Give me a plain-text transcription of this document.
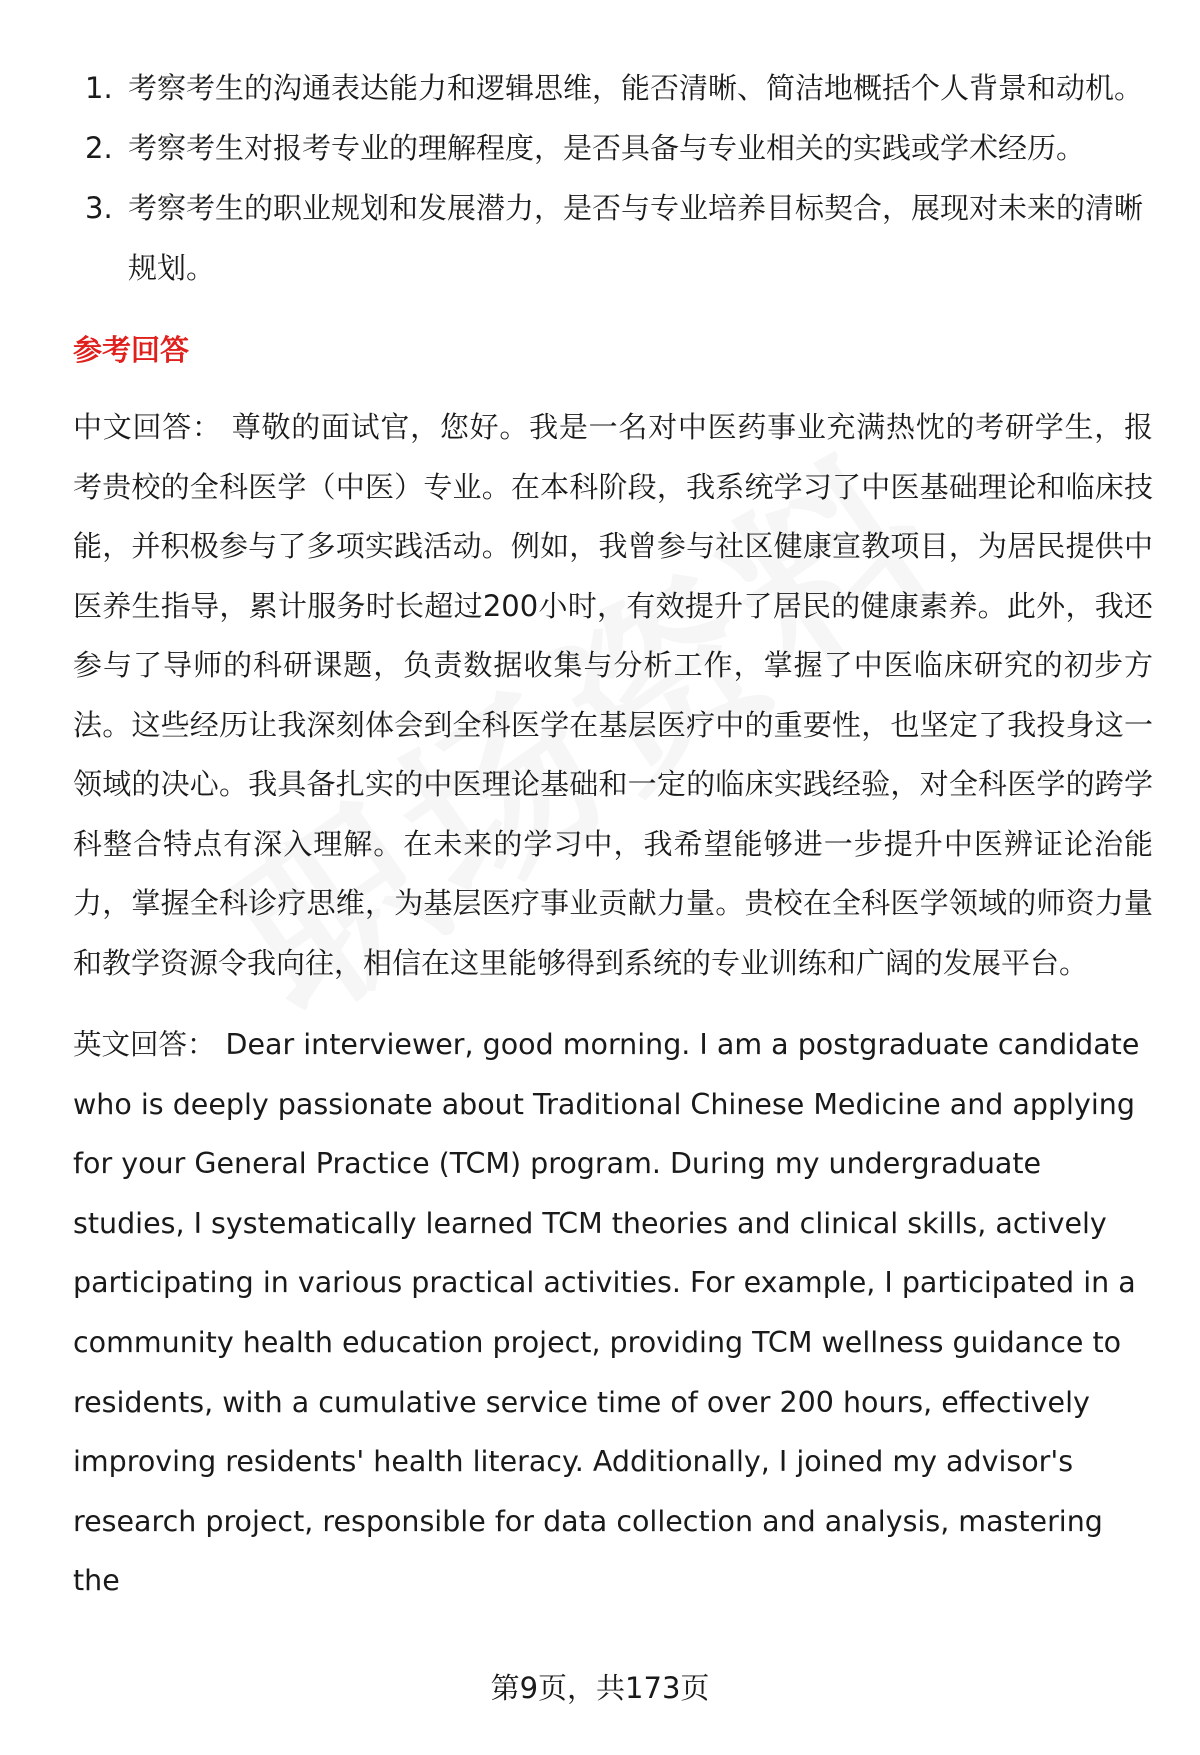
1. 考察考生的沟通表达能力和逻辑思维，能否清晰、简洁地概括个人背景和动机。
2. 考察考生对报考专业的理解程度，是否具备与专业相关的实践或学术经历。
3. 考察考生的职业规划和发展潜力，是否与专业培养目标契合，展现对未来的清晰规划。
参考回答
中文回答： 尊敬的面试官，您好。我是一名对中医药事业充满热忱的考研学生，报考贵校的全科医学（中医）专业。在本科阶段，我系统学习了中医基础理论和临床技能，并积极参与了多项实践活动。例如，我曾参与社区健康宣教项目，为居民提供中医养生指导，累计服务时长超过200小时，有效提升了居民的健康素养。此外，我还参与了导师的科研课题，负责数据收集与分析工作，掌握了中医临床研究的初步方法。这些经历让我深刻体会到全科医学在基层医疗中的重要性，也坚定了我投身这一领域的决心。我具备扎实的中医理论基础和一定的临床实践经验，对全科医学的跨学科整合特点有深入理解。在未来的学习中，我希望能够进一步提升中医辨证论治能力，掌握全科诊疗思维，为基层医疗事业贡献力量。贵校在全科医学领域的师资力量和教学资源令我向往，相信在这里能够得到系统的专业训练和广阔的发展平台。
英文回答： Dear interviewer, good morning. I am a postgraduate candidate who is deeply passionate about Traditional Chinese Medicine and applying for your General Practice (TCM) program. During my undergraduate studies, I systematically learned TCM theories and clinical skills, actively participating in various practical activities. For example, I participated in a community health education project, providing TCM wellness guidance to residents, with a cumulative service time of over 200 hours, effectively improving residents' health literacy. Additionally, I joined my advisor's research project, responsible for data collection and analysis, mastering the
第9页，共173页
